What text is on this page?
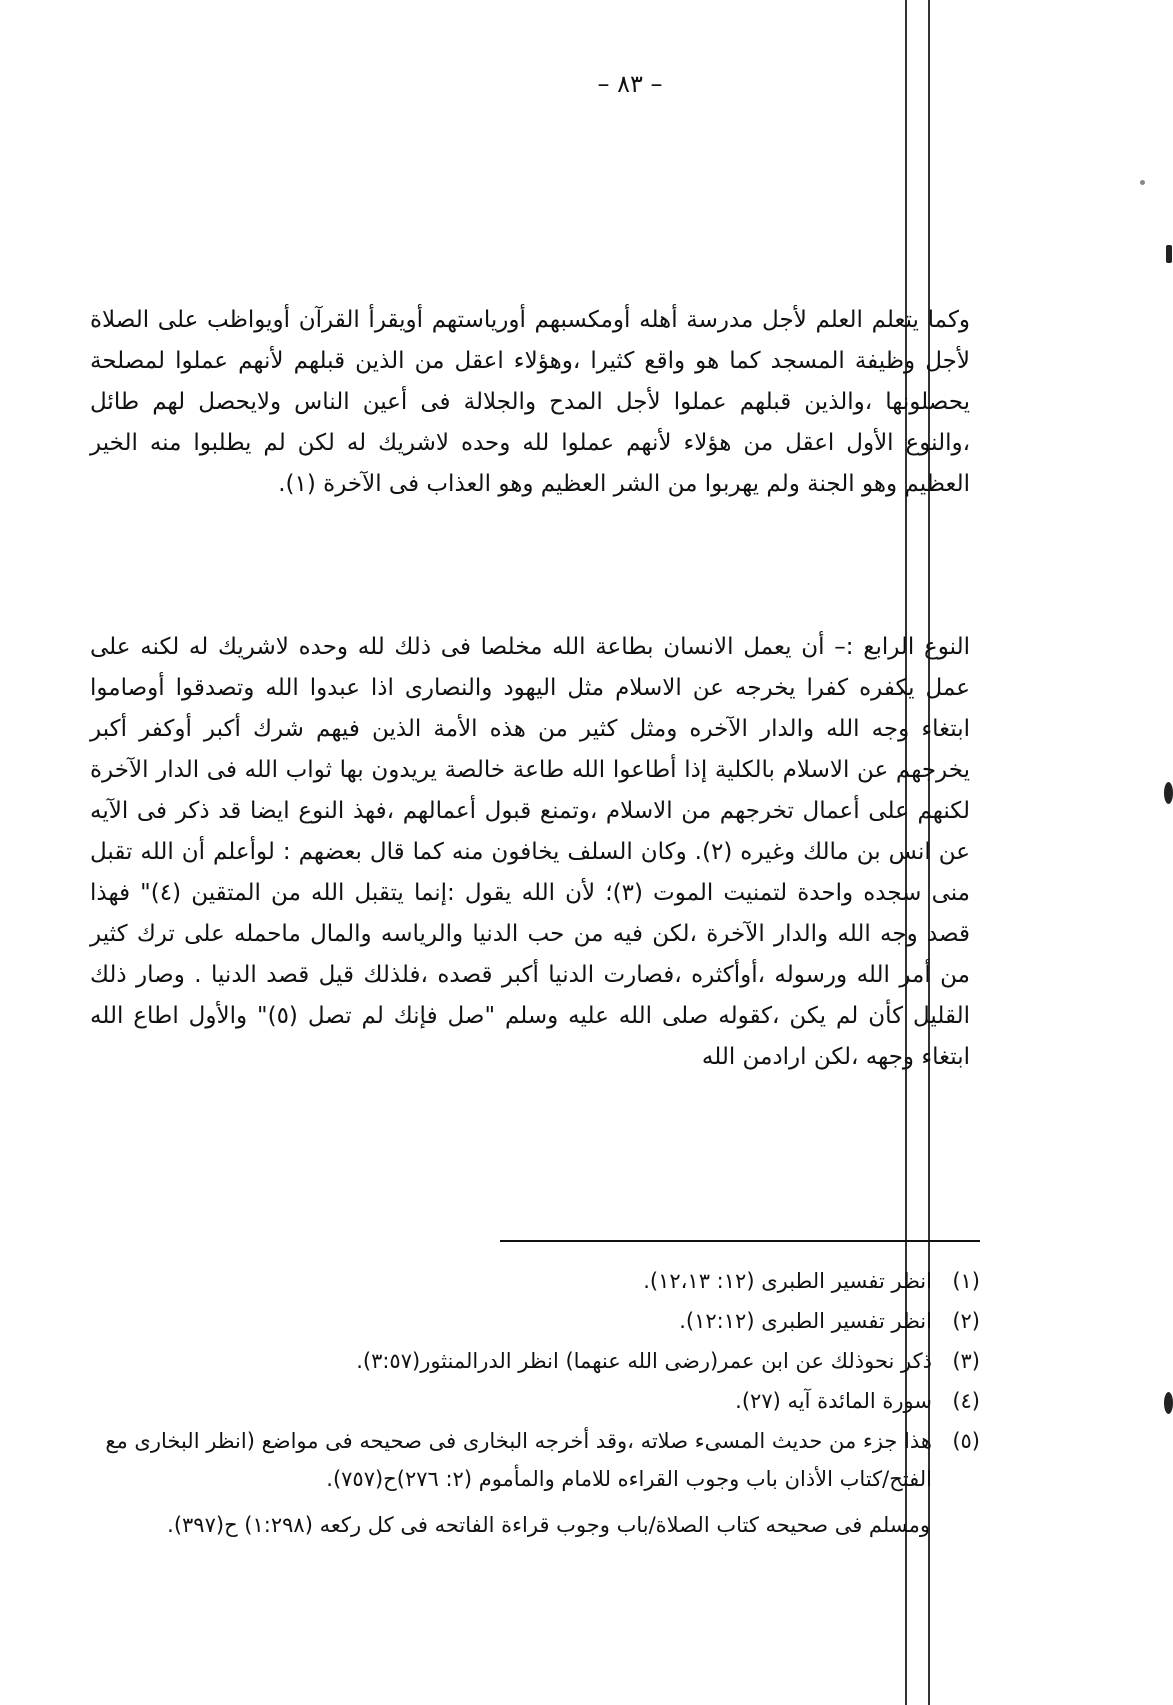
– ٨٣ –
وكما يتعلم العلم لأجل مدرسة أهله أومكسبهم أورياستهم أويقرأ القرآن أويواظب على الصلاة لأجل وظيفة المسجد كما هو واقع كثيرا ،وهؤلاء اعقل من الذين قبلهم لأنهم عملوا لمصلحة يحصلونها ،والذين قبلهم عملوا لأجل المدح والجلالة فى أعين الناس ولايحصل لهم طائل ،والنوع الأول اعقل من هؤلاء لأنهم عملوا لله وحده لاشريك له لكن لم يطلبوا منه الخير العظيم وهو الجنة ولم يهربوا من الشر العظيم وهو العذاب فى الآخرة (١).
النوع الرابع :– أن يعمل الانسان بطاعة الله مخلصا فى ذلك لله وحده لاشريك له لكنه على عمل يكفره كفرا يخرجه عن الاسلام مثل اليهود والنصارى اذا عبدوا الله وتصدقوا أوصاموا ابتغاء وجه الله والدار الآخره ومثل كثير من هذه الأمة الذين فيهم شرك أكبر أوكفر أكبر يخرجهم عن الاسلام بالكلية إذا أطاعوا الله طاعة خالصة يريدون بها ثواب الله فى الدار الآخرة لكنهم على أعمال تخرجهم من الاسلام ،وتمنع قبول أعمالهم ،فهذ النوع ايضا قد ذكر فى الآيه عن انس بن مالك وغيره (٢). وكان السلف يخافون منه كما قال بعضهم : لوأعلم أن الله تقبل منى سجده واحدة لتمنيت الموت (٣)؛ لأن الله يقول :إنما يتقبل الله من المتقين (٤)" فهذا قصد وجه الله والدار الآخرة ،لكن فيه من حب الدنيا والرياسه والمال ماحمله على ترك كثير من أمر الله ورسوله ،أوأكثره ،فصارت الدنيا أكبر قصده ،فلذلك قيل قصد الدنيا . وصار ذلك القليل كأن لم يكن ،كقوله صلى الله عليه وسلم "صل فإنك لم تصل (٥)" والأول اطاع الله ابتغاء وجهه ،لكن ارادمن الله
(١)
انظر تفسير الطبرى (١٢: ١٢،١٣).
(٢)
انظر تفسير الطبرى (١٢:١٢).
(٣)
ذكر نحوذلك عن ابن عمر(رضى الله عنهما) انظر الدرالمنثور(٣:٥٧).
(٤)
سورة المائدة آيه (٢٧).
(٥)
هذا جزء من حديث المسىء صلاته ،وقد أخرجه البخارى فى صحيحه فى مواضع (انظر البخارى مع الفتح/كتاب الأذان باب وجوب القراءه للامام والمأموم (٢: ٢٧٦)ح(٧٥٧).
ومسلم فى صحيحه كتاب الصلاة/باب وجوب قراءة الفاتحه فى كل ركعه (١:٢٩٨) ح(٣٩٧).
